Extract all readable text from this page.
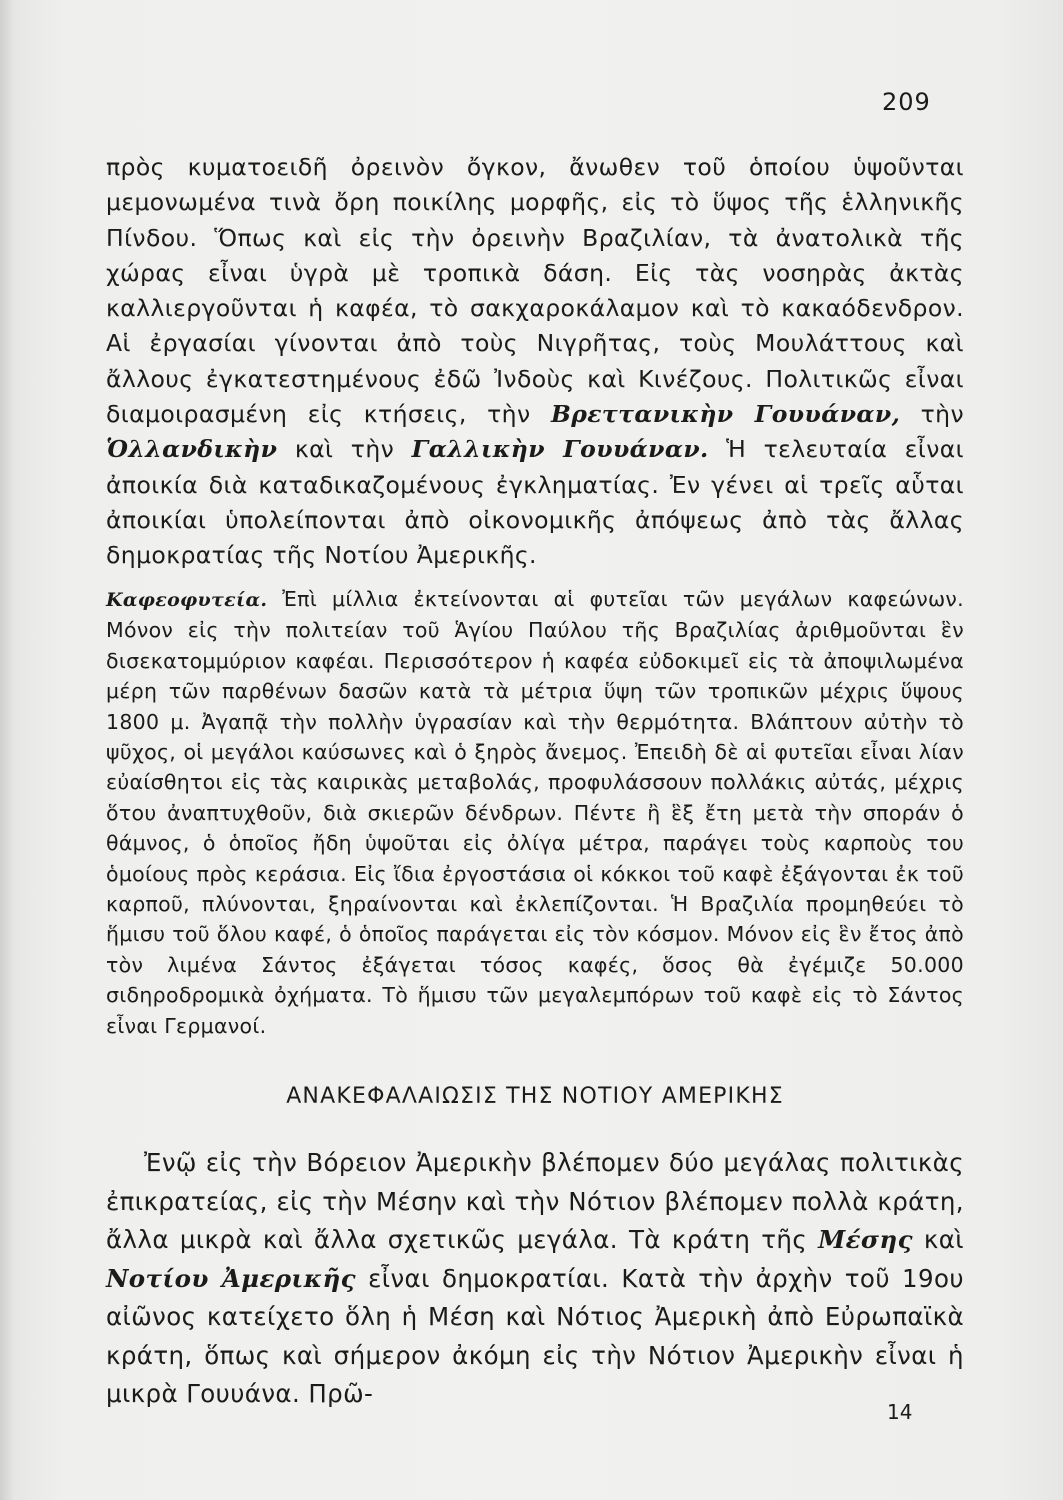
209

πρὸς κυματοειδῆ ὀρεινὸν ὄγκον, ἄνωθεν τοῦ ὁποίου ὑψοῦνται μεμονωμένα τινὰ ὄρη ποικίλης μορφῆς, εἰς τὸ ὕψος τῆς ἑλληνικῆς Πίνδου. Ὅπως καὶ εἰς τὴν ὀρεινὴν Βραζιλίαν, τὰ ἀνατολικὰ τῆς χώρας εἶναι ὑγρὰ μὲ τροπικὰ δάση. Εἰς τὰς νοσηρὰς ἀκτὰς καλλιεργοῦνται ἡ καφέα, τὸ σακχαροκάλαμον καὶ τὸ κακαόδενδρον. Αἱ ἐργασίαι γίνονται ἀπὸ τοὺς Νιγρῆτας, τοὺς Μουλάττους καὶ ἄλλους ἐγκατεστημένους ἐδῶ Ἰνδοὺς καὶ Κινέζους. Πολιτικῶς εἶναι διαμοιρασμένη εἰς κτήσεις, τὴν Βρεττανικὴν Γουυάναν, τὴν Ὁλλανδικὴν καὶ τὴν Γαλλικὴν Γουυάναν. Ἡ τελευταία εἶναι ἀποικία διὰ καταδικαζομένους ἐγκληματίας. Ἐν γένει αἱ τρεῖς αὗται ἀποικίαι ὑπολείπονται ἀπὸ οἰκονομικῆς ἀπόψεως ἀπὸ τὰς ἄλλας δημοκρατίας τῆς Νοτίου Ἀμερικῆς.

Καφεοφυτεία. Ἐπὶ μίλλια ἐκτείνονται αἱ φυτεῖαι τῶν μεγάλων καφεώνων. Μόνον εἰς τὴν πολιτείαν τοῦ Ἁγίου Παύλου τῆς Βραζιλίας ἀριθμοῦνται ἓν δισεκατομμύριον καφέαι. Περισσότερον ἡ καφέα εὐδοκιμεῖ εἰς τὰ ἀποψιλωμένα μέρη τῶν παρθένων δασῶν κατὰ τὰ μέτρια ὕψη τῶν τροπικῶν μέχρις ὕψους 1800 μ. Ἀγαπᾷ τὴν πολλὴν ὑγρασίαν καὶ τὴν θερμότητα. Βλάπτουν αὐτὴν τὸ ψῦχος, οἱ μεγάλοι καύσωνες καὶ ὁ ξηρὸς ἄνεμος. Ἐπειδὴ δὲ αἱ φυτεῖαι εἶναι λίαν εὐαίσθητοι εἰς τὰς καιρικὰς μεταβολάς, προφυλάσσουν πολλάκις αὐτάς, μέχρις ὅτου ἀναπτυχθοῦν, διὰ σκιερῶν δένδρων. Πέντε ἢ ἓξ ἔτη μετὰ τὴν σποράν ὁ θάμνος, ὁ ὁποῖος ἤδη ὑψοῦται εἰς ὀλίγα μέτρα, παράγει τοὺς καρποὺς του ὁμοίους πρὸς κεράσια. Εἰς ἴδια ἐργοστάσια οἱ κόκκοι τοῦ καφὲ ἐξάγονται ἐκ τοῦ καρποῦ, πλύνονται, ξηραίνονται καὶ ἐκλεπίζονται. Ἡ Βραζιλία προμηθεύει τὸ ἥμισυ τοῦ ὅλου καφέ, ὁ ὁποῖος παράγεται εἰς τὸν κόσμον. Μόνον εἰς ἓν ἔτος ἀπὸ τὸν λιμένα Σάντος ἐξάγεται τόσος καφές, ὅσος θὰ ἐγέμιζε 50.000 σιδηροδρομικὰ ὀχήματα. Τὸ ἥμισυ τῶν μεγαλεμπόρων τοῦ καφὲ εἰς τὸ Σάντος εἶναι Γερμανοί.

ΑΝΑΚΕΦΑΛΑΙΩΣΙΣ ΤΗΣ ΝΟΤΙΟΥ ΑΜΕΡΙΚΗΣ

Ἐνῷ εἰς τὴν Βόρειον Ἀμερικὴν βλέπομεν δύο μεγάλας πολιτικὰς ἐπικρατείας, εἰς τὴν Μέσην καὶ τὴν Νότιον βλέπομεν πολλὰ κράτη, ἄλλα μικρὰ καὶ ἄλλα σχετικῶς μεγάλα. Τὰ κράτη τῆς Μέσης καὶ Νοτίου Ἀμερικῆς εἶναι δημοκρατίαι. Κατὰ τὴν ἀρχὴν τοῦ 19ου αἰῶνος κατείχετο ὅλη ἡ Μέση καὶ Νότιος Ἀμερικὴ ἀπὸ Εὐρωπαϊκὰ κράτη, ὅπως καὶ σήμερον ἀκόμη εἰς τὴν Νότιον Ἀμερικὴν εἶναι ἡ μικρὰ Γουυάνα. Πρῶ-

14
